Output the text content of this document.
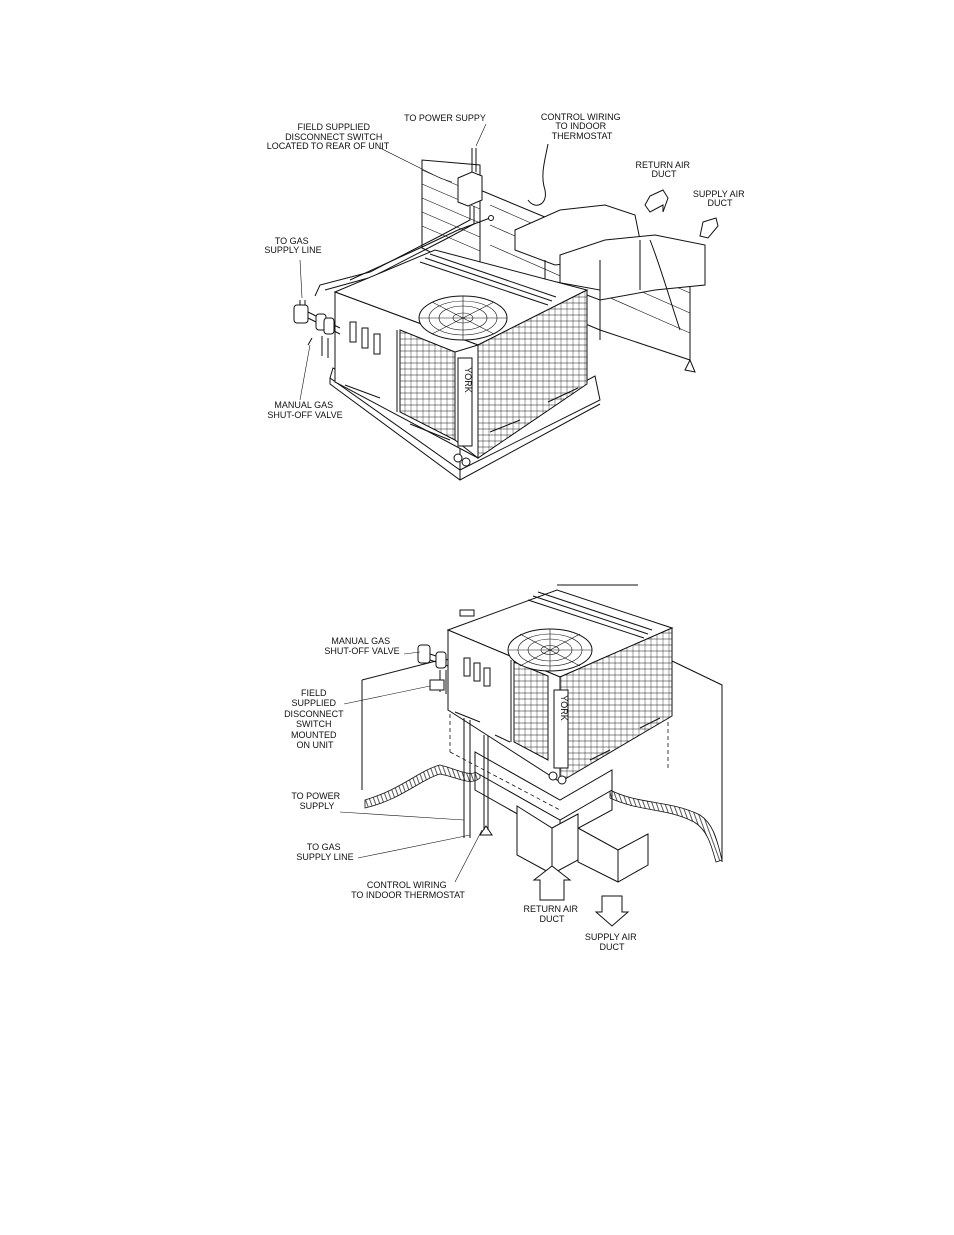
YORK
TO POWER SUPPY	CONTROL WIRING TO INDOOR THERMOSTAT
FIELD SUPPLIED DISCONNECT SWITCH LOCATED TO REAR OF UNIT
RETURN AIR DUCT
SUPPLY AIR DUCT
TO GAS SUPPLY LINE
MANUAL GAS SHUT-OFF VALVE
YORK
MANUAL GAS SHUT-OFF VALVE
FIELD SUPPLIED DISCONNECT SWITCH MOUNTED ON UNIT
TO POWER SUPPLY
TO GAS SUPPLY LINE
CONTROL WIRING TO INDOOR THERMOSTAT
RETURN AIR DUCT
SUPPLY AIR DUCT
